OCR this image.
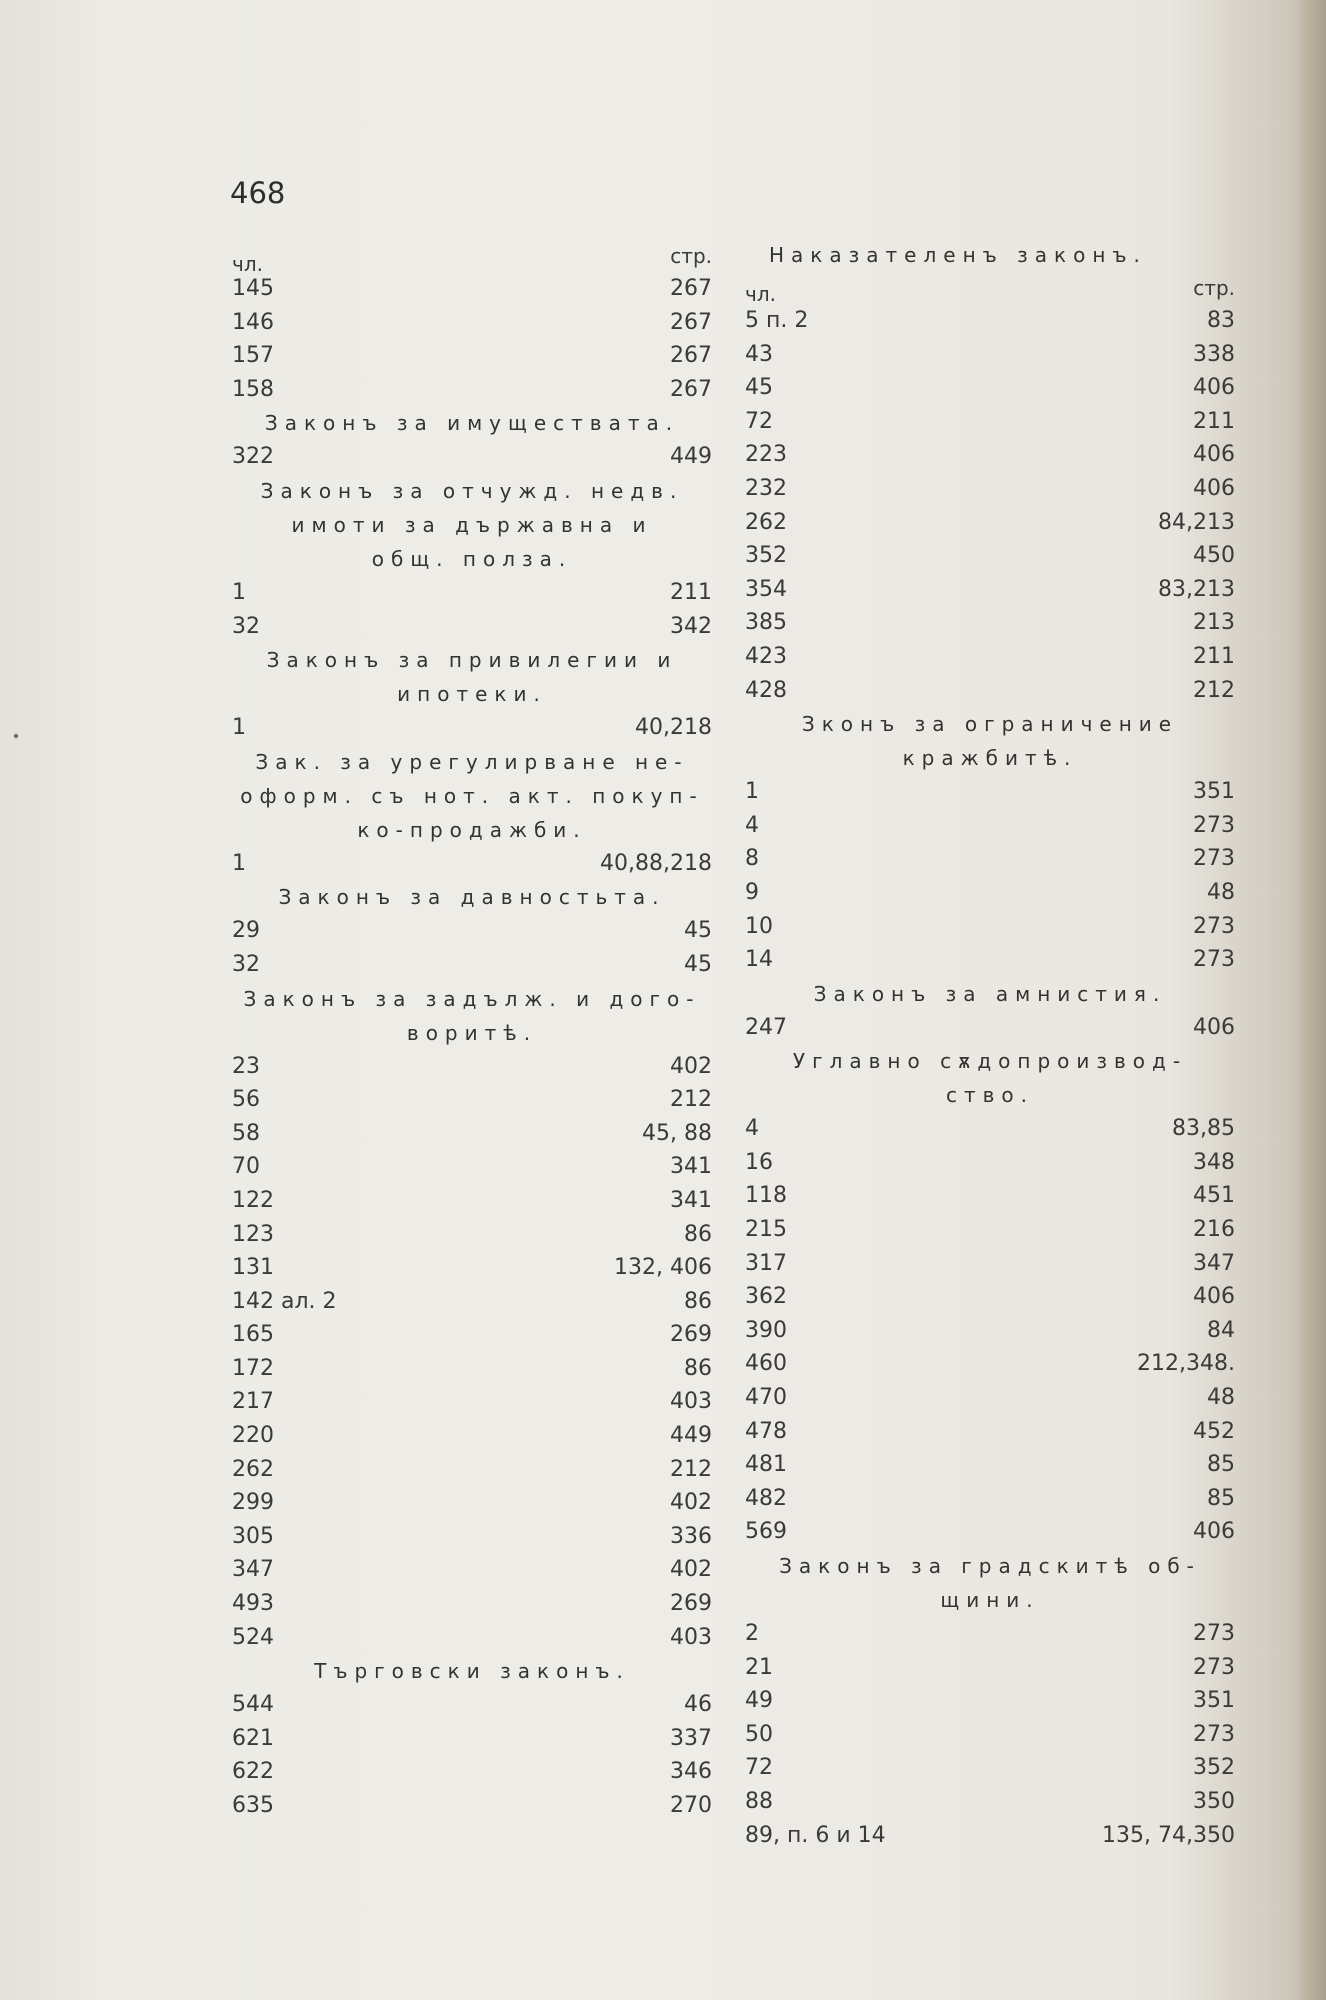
468
чл.	стр.
145	267
146	267
157	267
158	267
Законъ за имуществата.
322	449
Законъ за отчужд. недв.
имоти за държавна и
общ. полза.
1	211
32	342
Законъ за привилегии и
ипотеки.
1	40,218
Зак. за урегулирване не-
оформ. съ нот. акт. покуп-
ко-продажби.
1	40,88,218
Законъ за давностьта.
29	45
32	45
Законъ за задълж. и дого-
воритѣ.
23	402
56	212
58	45, 88
70	341
122	341
123	86
131	132, 406
142 ал. 2	86
165	269
172	86
217	403
220	449
262	212
299	402
305	336
347	402
493	269
524	403
Търговски законъ.
544	46
621	337
622	346
635	270
Наказателенъ законъ.
чл.	стр.
5 п. 2	83
43	338
45	406
72	211
223	406
232	406
262	84,213
352	450
354	83,213
385	213
423	211
428	212
Зконъ за ограничение
кражбитѣ.
1	351
4	273
8	273
9	48
10	273
14	273
Законъ за амнистия.
247	406
Углавно сѫдопроизвод-
ство.
4	83,85
16	348
118	451
215	216
317	347
362	406
390	84
460	212,348.
470	48
478	452
481	85
482	85
569	406
Законъ за градскитѣ об-
щини.
2	273
21	273
49	351
50	273
72	352
88	350
89, п. 6 и 14	135, 74,350
